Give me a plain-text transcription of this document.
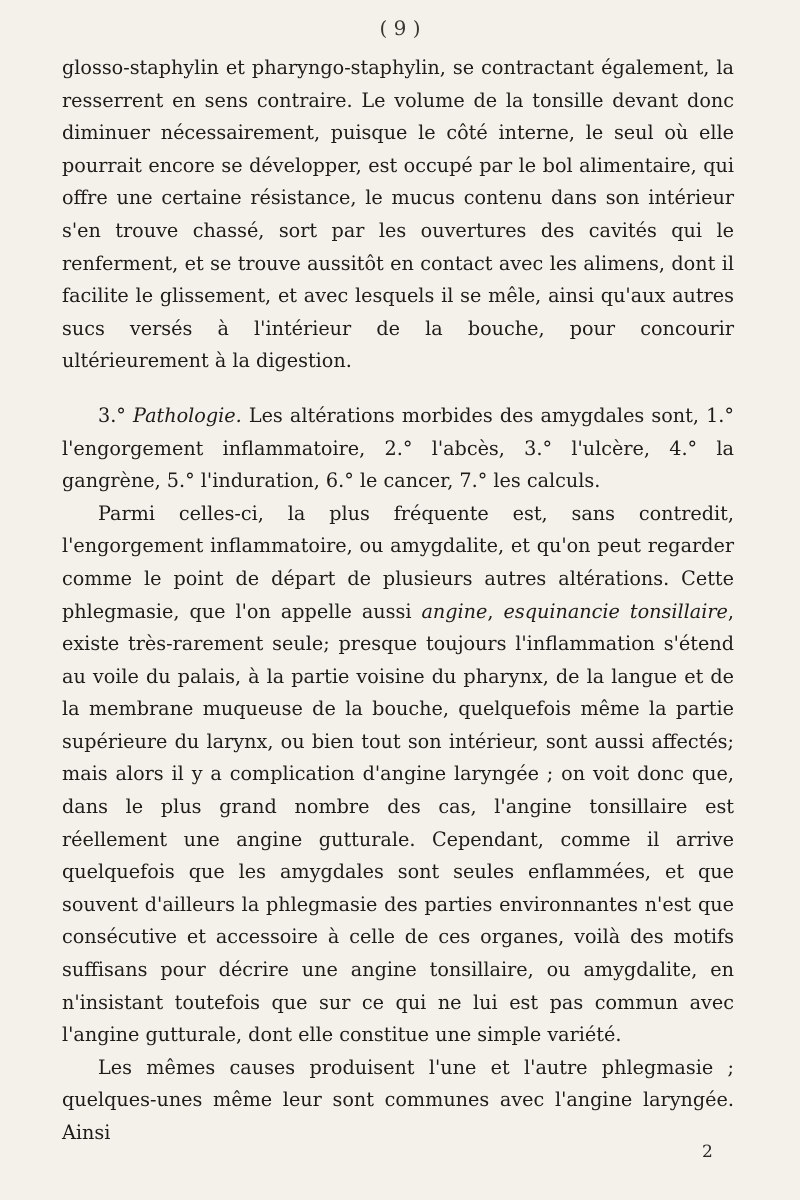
( 9 )

glosso-staphylin et pharyngo-staphylin, se contractant également, la resserrent en sens contraire. Le volume de la tonsille devant donc diminuer nécessairement, puisque le côté interne, le seul où elle pourrait encore se développer, est occupé par le bol alimentaire, qui offre une certaine résistance, le mucus contenu dans son intérieur s'en trouve chassé, sort par les ouvertures des cavités qui le renferment, et se trouve aussitôt en contact avec les alimens, dont il facilite le glissement, et avec lesquels il se mêle, ainsi qu'aux autres sucs versés à l'intérieur de la bouche, pour concourir ultérieurement à la digestion.

3.° Pathologie. Les altérations morbides des amygdales sont, 1.° l'engorgement inflammatoire, 2.° l'abcès, 3.° l'ulcère, 4.° la gangrène, 5.° l'induration, 6.° le cancer, 7.° les calculs.

Parmi celles-ci, la plus fréquente est, sans contredit, l'engorgement inflammatoire, ou amygdalite, et qu'on peut regarder comme le point de départ de plusieurs autres altérations. Cette phlegmasie, que l'on appelle aussi angine, esquinancie tonsillaire, existe très-rarement seule; presque toujours l'inflammation s'étend au voile du palais, à la partie voisine du pharynx, de la langue et de la membrane muqueuse de la bouche, quelquefois même la partie supérieure du larynx, ou bien tout son intérieur, sont aussi affectés; mais alors il y a complication d'angine laryngée ; on voit donc que, dans le plus grand nombre des cas, l'angine tonsillaire est réellement une angine gutturale. Cependant, comme il arrive quelquefois que les amygdales sont seules enflammées, et que souvent d'ailleurs la phlegmasie des parties environnantes n'est que consécutive et accessoire à celle de ces organes, voilà des motifs suffisans pour décrire une angine tonsillaire, ou amygdalite, en n'insistant toutefois que sur ce qui ne lui est pas commun avec l'angine gutturale, dont elle constitue une simple variété.

Les mêmes causes produisent l'une et l'autre phlegmasie ; quelques-unes même leur sont communes avec l'angine laryngée. Ainsi

2
